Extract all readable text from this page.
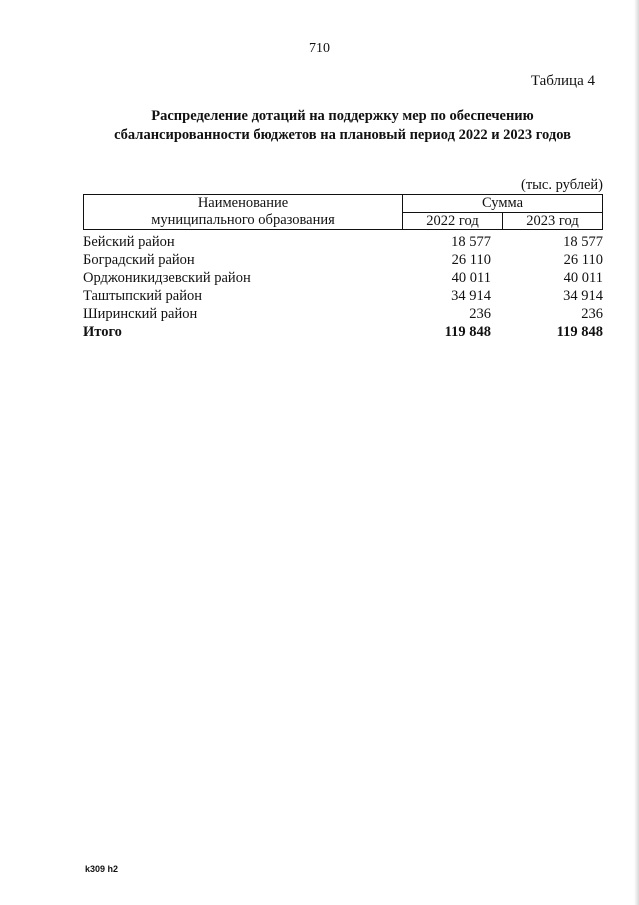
710
Таблица 4
Распределение дотаций на поддержку мер по обеспечению
сбалансированности бюджетов на плановый период 2022 и 2023 годов
(тыс. рублей)
Наименование
муниципального образования	Сумма	
	2022 год	2023 год
Бейский район	18 577	18 577
Боградский район	26 110	26 110
Орджоникидзевский район	40 011	40 011
Таштыпский район	34 914	34 914
Ширинский район	236	236
Итого	119 848	119 848
k309 h2
